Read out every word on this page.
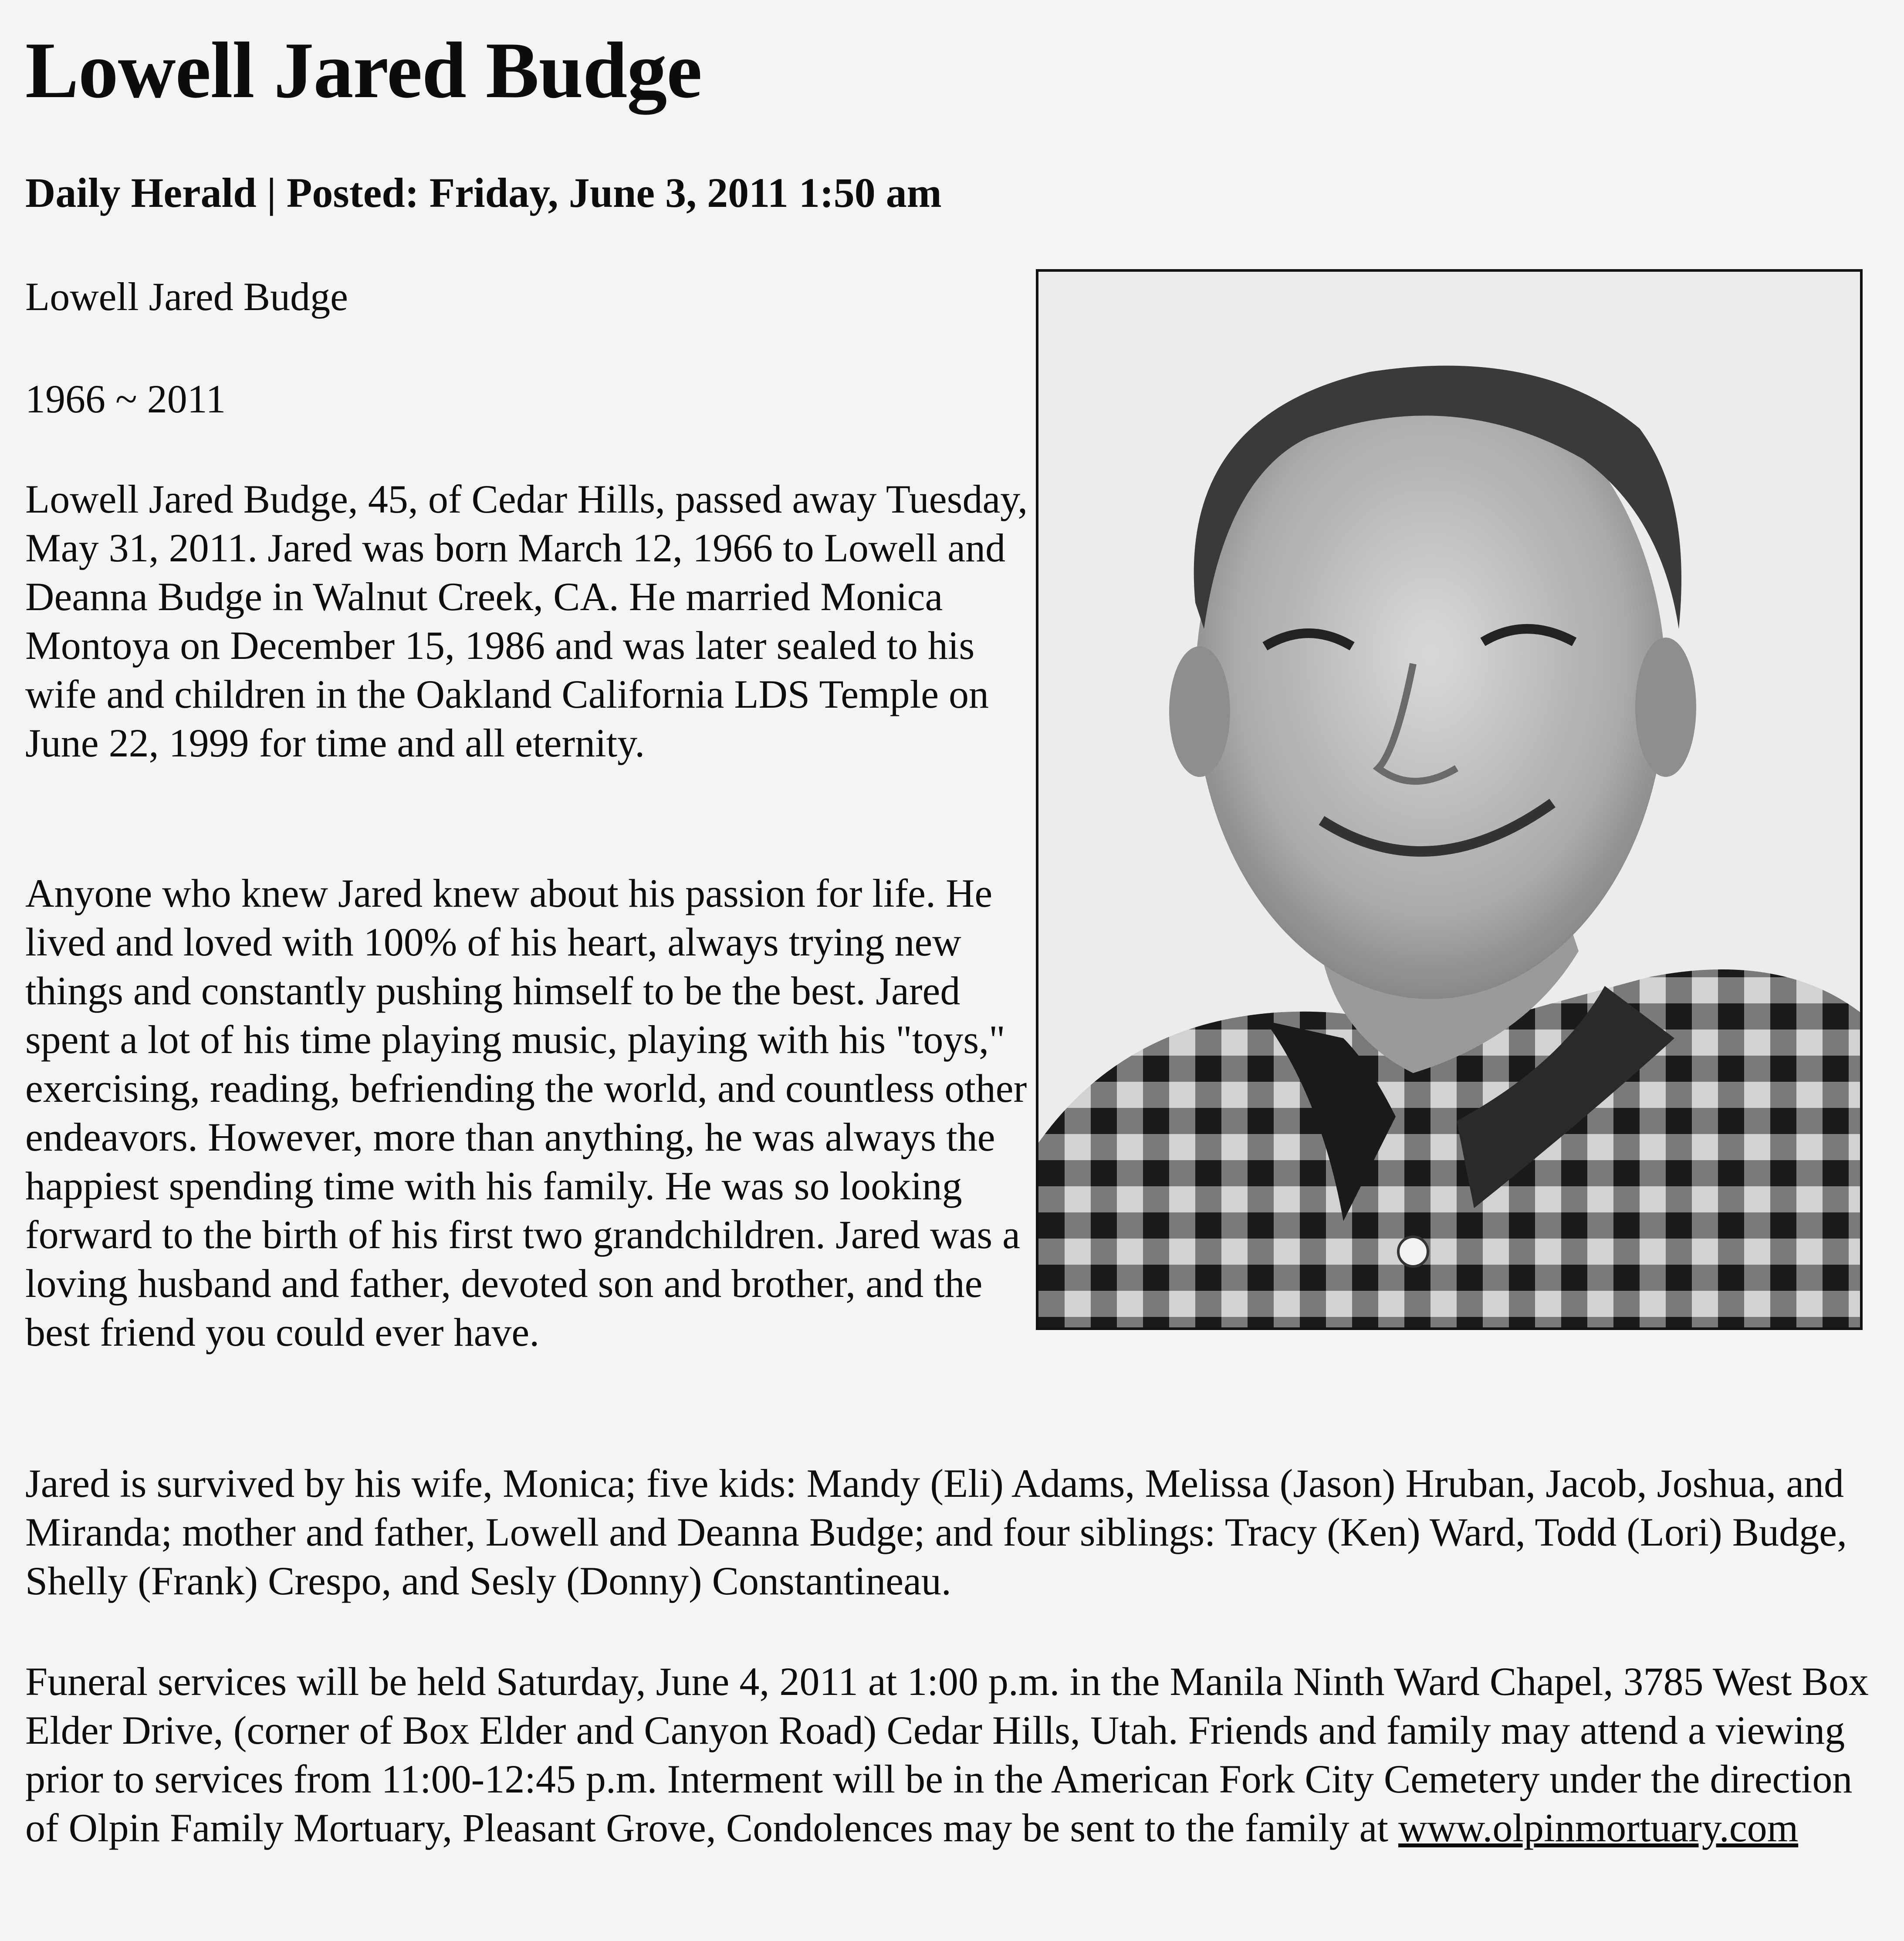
Lowell Jared Budge

Daily Herald | Posted: Friday, June 3, 2011 1:50 am

Lowell Jared Budge

1966 ~ 2011

Lowell Jared Budge, 45, of Cedar Hills, passed away Tuesday, May 31, 2011. Jared was born March 12, 1966 to Lowell and Deanna Budge in Walnut Creek, CA. He married Monica Montoya on December 15, 1986 and was later sealed to his wife and children in the Oakland California LDS Temple on June 22, 1999 for time and all eternity.

Anyone who knew Jared knew about his passion for life. He lived and loved with 100% of his heart, always trying new things and constantly pushing himself to be the best. Jared spent a lot of his time playing music, playing with his "toys," exercising, reading, befriending the world, and countless other endeavors. However, more than anything, he was always the happiest spending time with his family. He was so looking forward to the birth of his first two grandchildren. Jared was a loving husband and father, devoted son and brother, and the best friend you could ever have.

Jared is survived by his wife, Monica; five kids: Mandy (Eli) Adams, Melissa (Jason) Hruban, Jacob, Joshua, and Miranda; mother and father, Lowell and Deanna Budge; and four siblings: Tracy (Ken) Ward, Todd (Lori) Budge, Shelly (Frank) Crespo, and Sesly (Donny) Constantineau.

Funeral services will be held Saturday, June 4, 2011 at 1:00 p.m. in the Manila Ninth Ward Chapel, 3785 West Box Elder Drive, (corner of Box Elder and Canyon Road) Cedar Hills, Utah. Friends and family may attend a viewing prior to services from 11:00-12:45 p.m. Interment will be in the American Fork City Cemetery under the direction of Olpin Family Mortuary, Pleasant Grove, Condolences may be sent to the family at www.olpinmortuary.com
